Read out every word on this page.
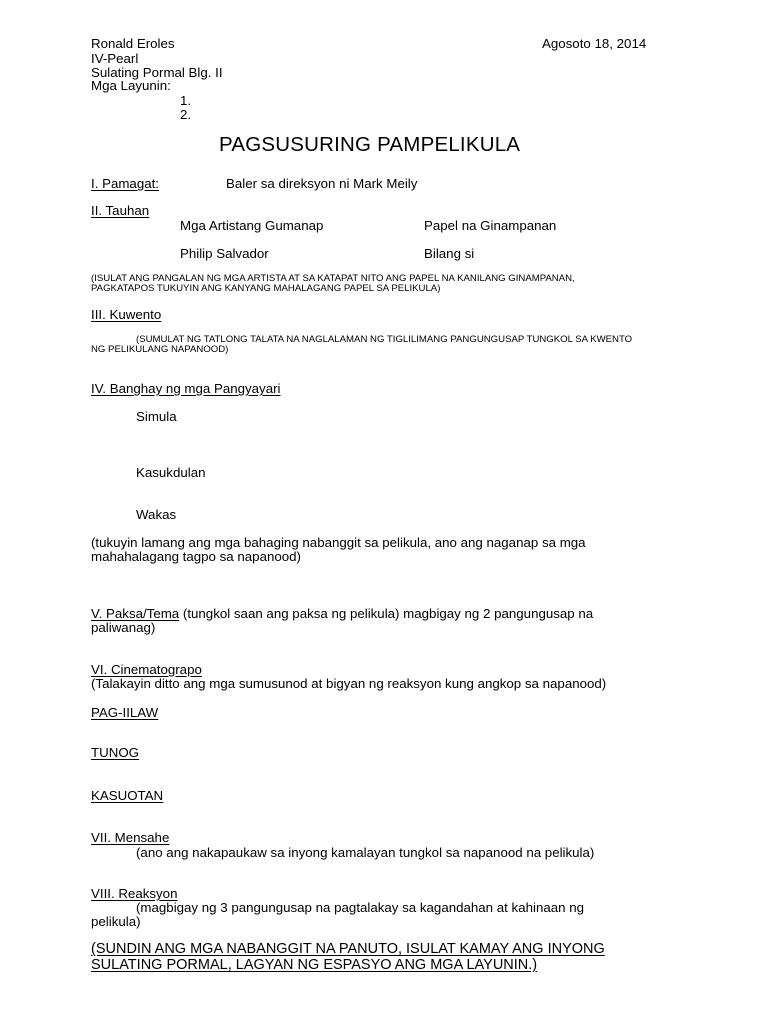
Ronald Eroles	Agosoto 18, 2014
IV-Pearl
Sulating Pormal Blg. II
Mga Layunin:
1.
2.
PAGSUSURING PAMPELIKULA
I. Pamagat:	Baler sa direksyon ni Mark Meily
II. Tauhan
Mga Artistang Gumanap	Papel na Ginampanan
Philip Salvador	Bilang si
(ISULAT ANG PANGALAN NG MGA ARTISTA AT SA KATAPAT NITO ANG PAPEL NA KANILANG GINAMPANAN,
PAGKATAPOS TUKUYIN ANG KANYANG MAHALAGANG PAPEL SA PELIKULA)
III. Kuwento
(SUMULAT NG TATLONG TALATA NA NAGLALAMAN NG TIGLILIMANG PANGUNGUSAP TUNGKOL SA KWENTO
NG PELIKULANG NAPANOOD)
IV. Banghay ng mga Pangyayari
Simula
Kasukdulan
Wakas
(tukuyin lamang ang mga bahaging nabanggit sa pelikula, ano ang naganap sa mga
mahahalagang tagpo sa napanood)
V. Paksa/Tema (tungkol saan ang paksa ng pelikula) magbigay ng 2 pangungusap na
paliwanag)
VI. Cinematograpo
(Talakayin ditto ang mga sumusunod at bigyan ng reaksyon kung angkop sa napanood)
PAG-IILAW
TUNOG
KASUOTAN
VII. Mensahe
(ano ang nakapaukaw sa inyong kamalayan tungkol sa napanood na pelikula)
VIII. Reaksyon
(magbigay ng 3 pangungusap na pagtalakay sa kagandahan at kahinaan ng
pelikula)
(SUNDIN ANG MGA NABANGGIT NA PANUTO, ISULAT KAMAY ANG INYONG
SULATING PORMAL, LAGYAN NG ESPASYO ANG MGA LAYUNIN.)
